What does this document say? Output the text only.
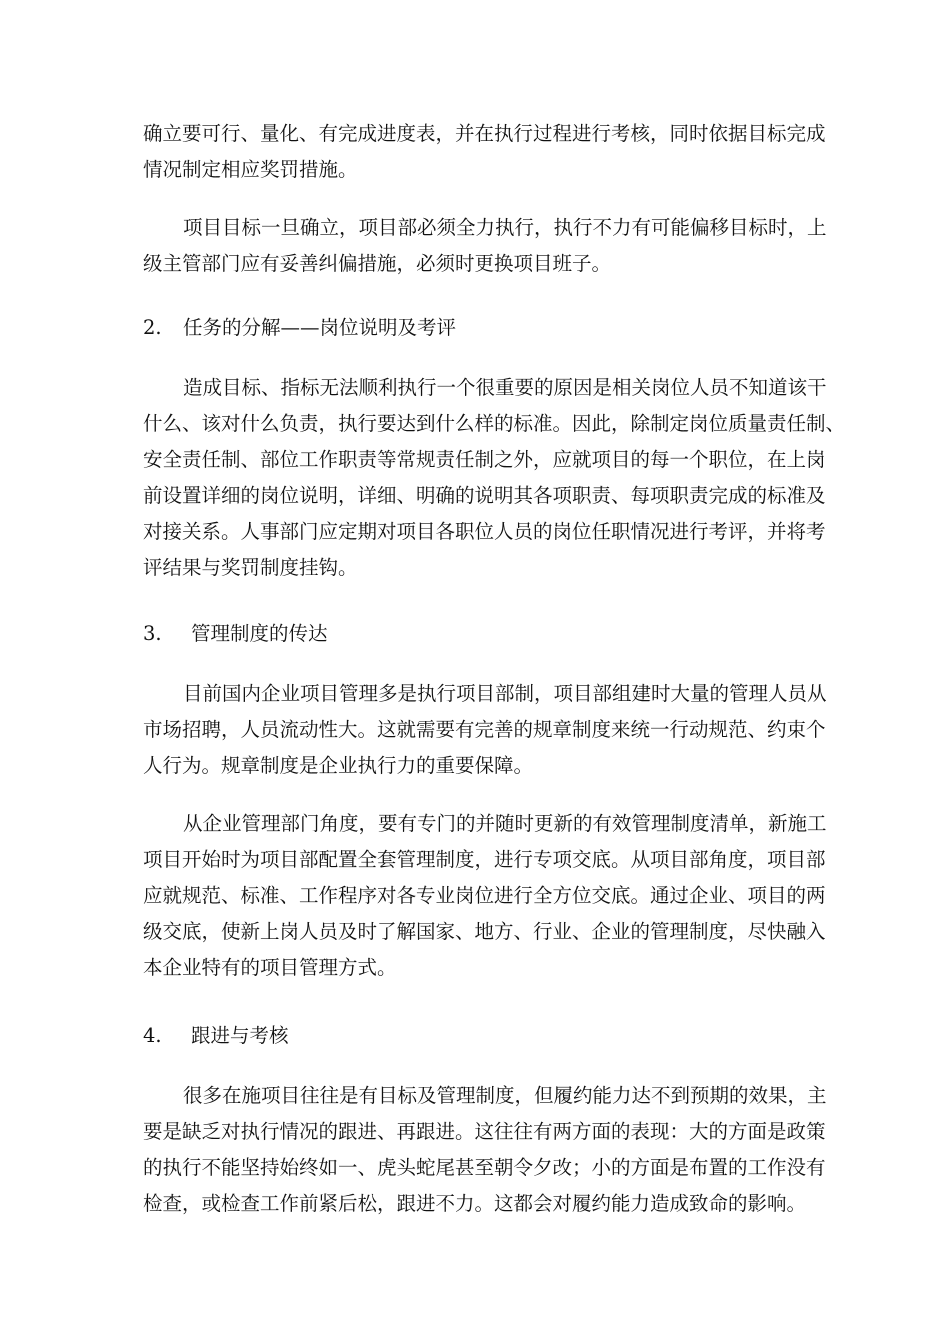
确立要可行、量化、有完成进度表，并在执行过程进行考核，同时依据目标完成
情况制定相应奖罚措施。
项目目标一旦确立，项目部必须全力执行，执行不力有可能偏移目标时，上
级主管部门应有妥善纠偏措施，必须时更换项目班子。
2. 任务的分解——岗位说明及考评
造成目标、指标无法顺利执行一个很重要的原因是相关岗位人员不知道该干
什么、该对什么负责，执行要达到什么样的标准。因此，除制定岗位质量责任制、
安全责任制、部位工作职责等常规责任制之外，应就项目的每一个职位，在上岗
前设置详细的岗位说明，详细、明确的说明其各项职责、每项职责完成的标准及
对接关系。人事部门应定期对项目各职位人员的岗位任职情况进行考评，并将考
评结果与奖罚制度挂钩。
3. 管理制度的传达
目前国内企业项目管理多是执行项目部制，项目部组建时大量的管理人员从
市场招聘，人员流动性大。这就需要有完善的规章制度来统一行动规范、约束个
人行为。规章制度是企业执行力的重要保障。
从企业管理部门角度，要有专门的并随时更新的有效管理制度清单，新施工
项目开始时为项目部配置全套管理制度，进行专项交底。从项目部角度，项目部
应就规范、标准、工作程序对各专业岗位进行全方位交底。通过企业、项目的两
级交底，使新上岗人员及时了解国家、地方、行业、企业的管理制度，尽快融入
本企业特有的项目管理方式。
4. 跟进与考核
很多在施项目往往是有目标及管理制度，但履约能力达不到预期的效果，主
要是缺乏对执行情况的跟进、再跟进。这往往有两方面的表现：大的方面是政策
的执行不能坚持始终如一、虎头蛇尾甚至朝令夕改；小的方面是布置的工作没有
检查，或检查工作前紧后松，跟进不力。这都会对履约能力造成致命的影响。
